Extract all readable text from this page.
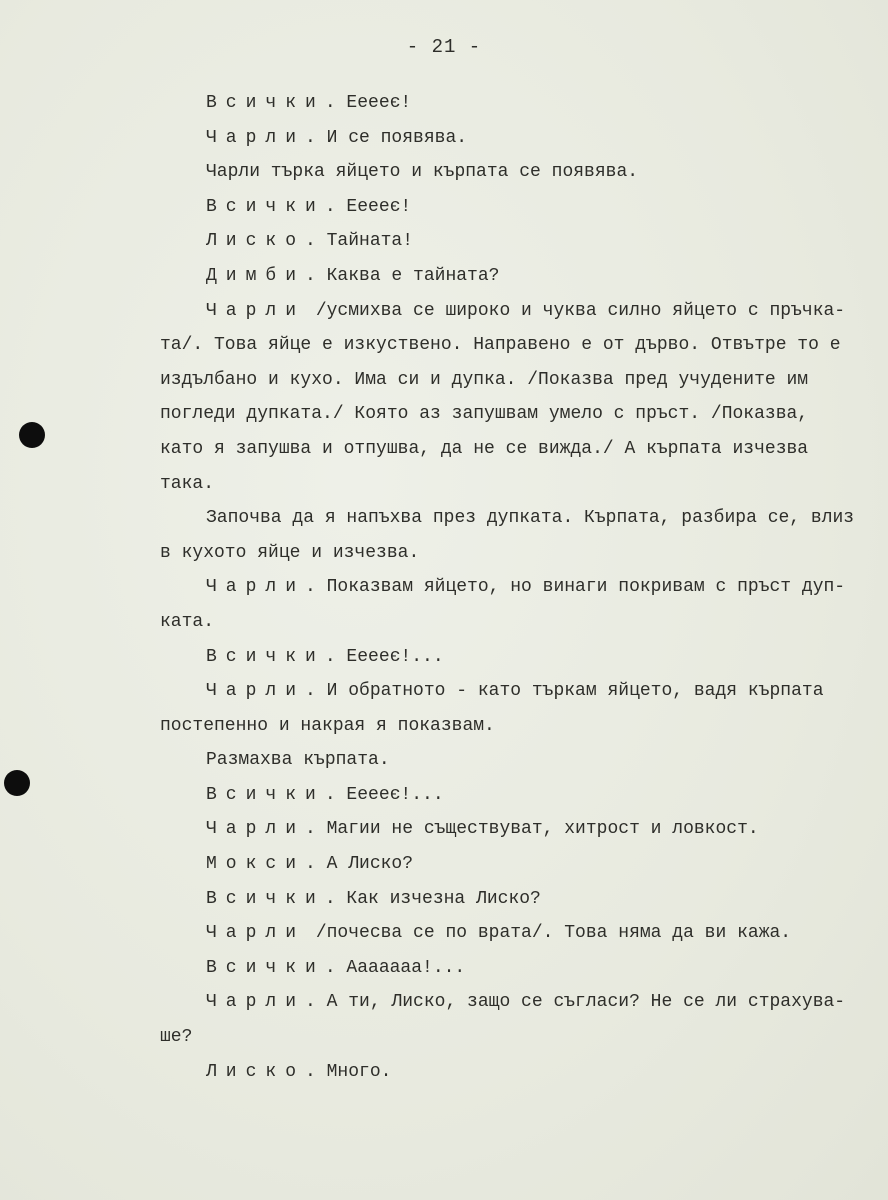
- 21 -
Всички. Ееееє!
Чарли. И се появява.
Чарли търка яйцето и кърпата се появява.
Всички. Ееееє!
Лиско. Тайната!
Димби. Каква е тайната?
Чарли /усмихва се широко и чуква силно яйцето с пръчка-
та/. Това яйце е изкуствено. Направено е от дърво. Отвътре то е
издълбано и кухо. Има си и дупка. /Показва пред учудените им
погледи дупката./ Която аз запушвам умело с пръст. /Показва,
като я запушва и отпушва, да не се вижда./ А кърпата изчезва
така.
Започва да я напъхва през дупката. Кърпата, разбира се, влиз
в кухото яйце и изчезва.
Чарли. Показвам яйцето, но винаги покривам с пръст дуп-
ката.
Всички. Ееееє!...
Чарли. И обратното - като търкам яйцето, вадя кърпата
постепенно и накрая я показвам.
Размахва кърпата.
Всички. Ееееє!...
Чарли. Магии не съществуват, хитрост и ловкост.
Мокси. А Лиско?
Всички. Как изчезна Лиско?
Чарли /почесва се по врата/. Това няма да ви кажа.
Всички. Ааааааа!...
Чарли. А ти, Лиско, защо се съгласи? Не се ли страхува-
ше?
Лиско. Много.
